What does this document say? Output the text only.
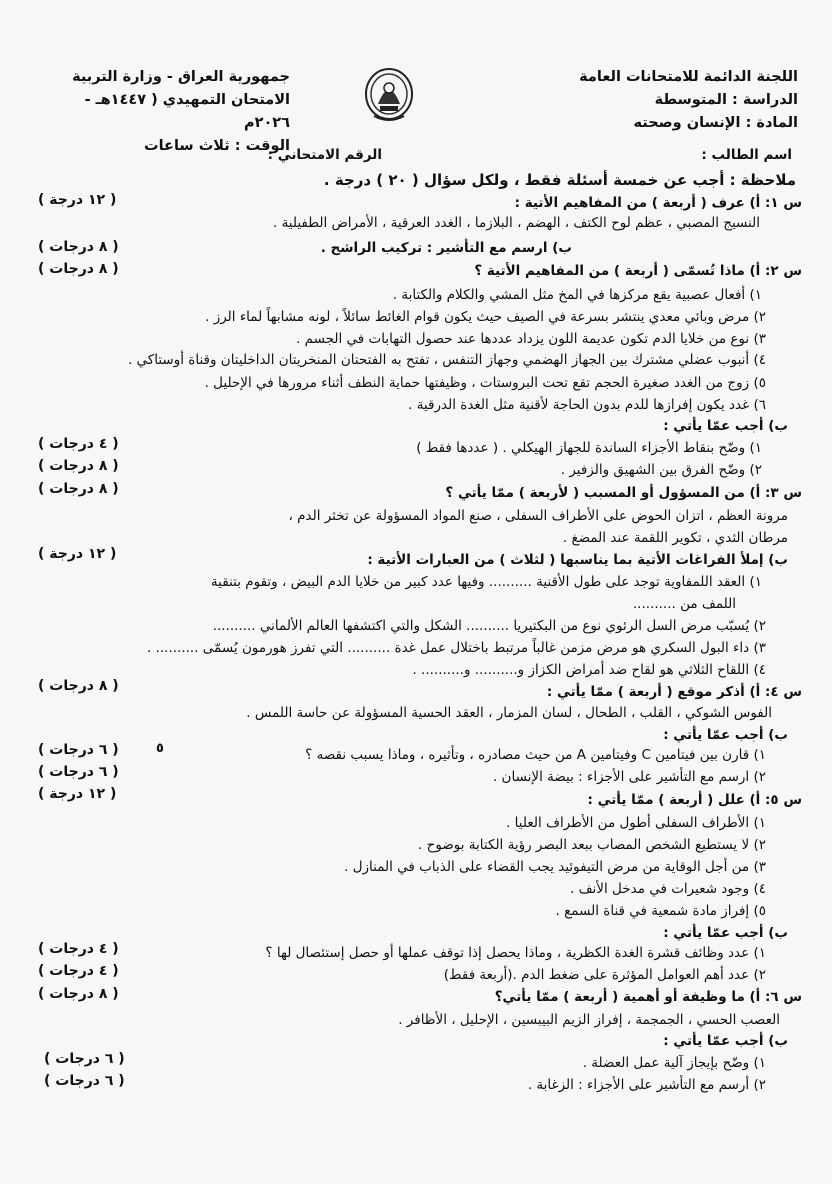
اللجنة الدائمة للامتحانات العامة
الدراسة : المتوسطة
المادة : الإنسان وصحته
جمهورية العراق - وزارة التربية
الامتحان التمهيدي ( ١٤٤٧هـ - ٢٠٢٦م
الوقت : ثلاث ساعات
اسم الطالب :
الرقم الامتحاني :
ملاحظة : أجب عن خمسة أسئلة فقط ، ولكل سؤال ( ٢٠ ) درجة .
س ١: أ) عرف ( أربعة ) من المفاهيم الأتية :
النسيج المصبي ، عظم لوح الكتف ، الهضم ، البلازما ، الغدد العرقية ، الأمراض الطفيلية .
ب) ارسم مع التأشير : تركيب الراشح .
س ٢: أ) ماذا تُسمّى ( أربعة ) من المفاهيم الأتية ؟
١) أفعال عصبية يقع مركزها في المخ مثل المشي والكلام والكتابة .
٢) مرض وبائي معدي ينتشر بسرعة في الصيف حيث يكون قوام الغائط سائلاً ، لونه مشابهاً لماء الرز .
٣) نوع من خلايا الدم تكون عديمة اللون يزداد عددها عند حصول التهابات في الجسم .
٤) أنبوب عضلي مشترك بين الجهاز الهضمي وجهاز التنفس ، تفتح به الفتحتان المنخريتان الداخليتان وقناة أوستاكي .
٥) زوج من الغدد صغيرة الحجم تقع تحت البروستات ، وظيفتها حماية النطف أثناء مرورها في الإحليل .
٦) غدد يكون إفرازها للدم بدون الحاجة لأقنية مثل الغدة الدرقية .
ب) أجب عمّا يأتي :
١) وضّح بنقاط الأجزاء الساندة للجهاز الهيكلي . ( عددها فقط )
٢) وضّح الفرق بين الشهيق والزفير .
س ٣: أ) من المسؤول أو المسبب ( لأربعة ) ممّا يأتي ؟
مرونة العظم ، اتزان الحوض على الأطراف السفلى ، صنع المواد المسؤولة عن تخثر الدم ،
مرطان الثدي ، تكوير اللقمة عند المضغ .
ب) إملأ الفراغات الأتية بما يناسبها ( لثلاث ) من العبارات الأتية :
١) العقد اللمفاوية توجد على طول الأقنية .......... وفيها عدد كبير من خلايا الدم البيض ، وتقوم بتنقية
اللمف من ..........
٢) يُسبّب مرض السل الرئوي نوع من البكتيريا .......... الشكل والتي اكتشفها العالم الألماني ..........
٣) داء البول السكري هو مرض مزمن غالباً مرتبط باختلال عمل غدة .......... التي تفرز هورمون يُسمّى .......... .
٤) اللقاح الثلاثي هو لقاح ضد أمراض الكزاز و.......... و.......... .
س ٤: أ) أذكر موقع ( أربعة ) ممّا يأتي :
الفوس الشوكي ، القلب ، الطحال ، لسان المزمار ، العقد الحسية المسؤولة عن حاسة اللمس .
ب) أجب عمّا يأتي :
١) قارن بين فيتامين C وفيتامين A من حيث مصادره ، وتأثيره ، وماذا يسبب نقصه ؟
٢) ارسم مع التأشير على الأجزاء : بيضة الإنسان .
س ٥: أ) علل ( أربعة ) ممّا يأتي :
١) الأطراف السفلى أطول من الأطراف العليا .
٢) لا يستطيع الشخص المصاب ببعد البصر رؤية الكتابة بوضوح .
٣) من أجل الوقاية من مرض التيفوئيد يجب القضاء على الذباب في المنازل .
٤) وجود شعيرات في مدخل الأنف .
٥) إفراز مادة شمعية في قناة السمع .
ب) أجب عمّا يأتي :
١) عدد وظائف قشرة الغدة الكظرية ، وماذا يحصل إذا توقف عملها أو حصل إستئصال لها ؟
٢) عدد أهم العوامل المؤثرة على ضغط الدم .(أربعة فقط)
س ٦: أ) ما وظيفة أو أهمية ( أربعة ) ممّا يأتي؟
العصب الحسي ، الجمجمة ، إفراز الزيم البيبسين ، الإحليل ، الأظافر .
ب) أجب عمّا يأتي :
١) وضّح بإيجاز آلية عمل العضلة .
٢) أرسم مع التأشير على الأجزاء : الزغابة .
( ١٢ درجة )
( ٨ درجات )
( ٨ درجات )
( ٤ درجات )
( ٨ درجات )
( ٨ درجات )
( ١٢ درجة )
( ٨ درجات )
( ٦ درجات )
( ٦ درجات )
( ١٢ درجة )
( ٤ درجات )
( ٤ درجات )
( ٨ درجات )
( ٦ درجات )
( ٦ درجات )
٥
